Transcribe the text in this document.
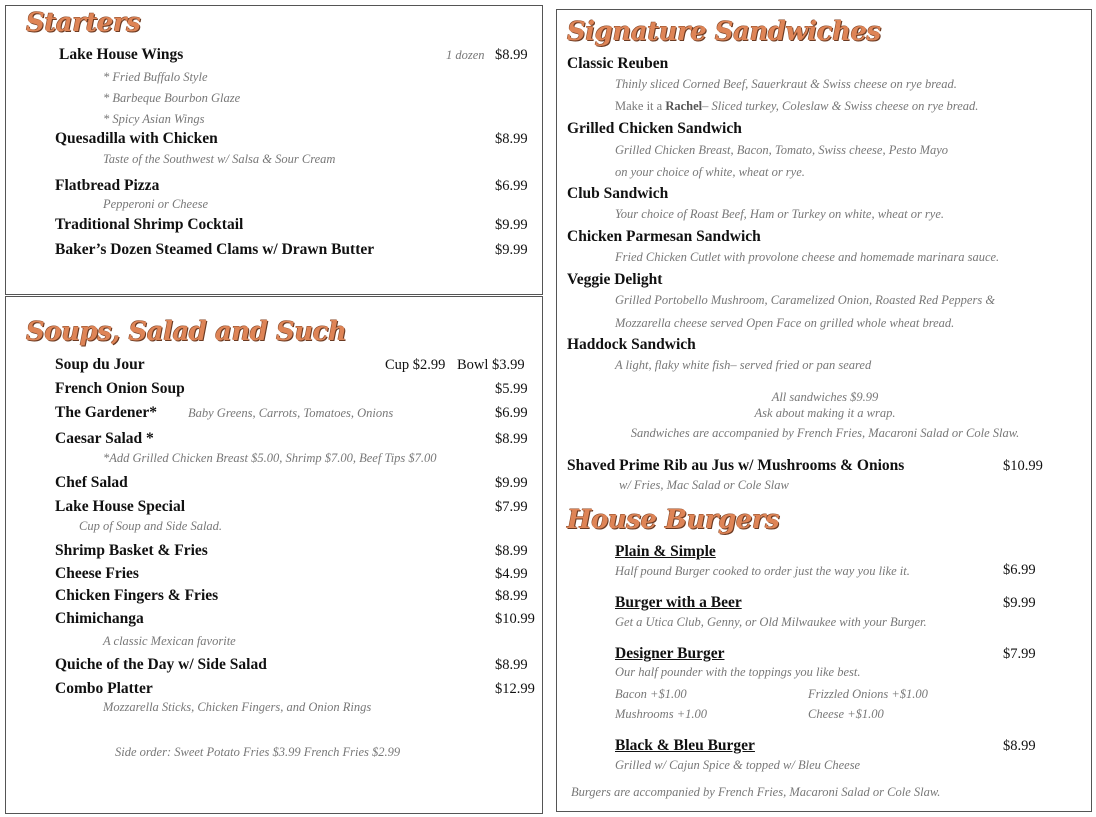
Starters
Lake House Wings	1 dozen $8.99
* Fried Buffalo Style
* Barbeque Bourbon Glaze
* Spicy Asian Wings
Quesadilla with Chicken	$8.99
Taste of the Southwest w/ Salsa & Sour Cream
Flatbread Pizza	$6.99
Pepperoni or Cheese
Traditional Shrimp Cocktail	$9.99
Baker’s Dozen Steamed Clams w/ Drawn Butter	$9.99
Soups, Salad and Such
Soup du Jour	Cup $2.99 Bowl $3.99
French Onion Soup	$5.99
The Gardener* Baby Greens, Carrots, Tomatoes, Onions	$6.99
Caesar Salad *	$8.99
*Add Grilled Chicken Breast $5.00, Shrimp $7.00, Beef Tips $7.00
Chef Salad	$9.99
Lake House Special	$7.99
Cup of Soup and Side Salad.
Shrimp Basket & Fries	$8.99
Cheese Fries	$4.99
Chicken Fingers & Fries	$8.99
Chimichanga	$10.99
A classic Mexican favorite
Quiche of the Day w/ Side Salad	$8.99
Combo Platter	$12.99
Mozzarella Sticks, Chicken Fingers, and Onion Rings
Side order: Sweet Potato Fries $3.99 French Fries $2.99
Signature Sandwiches
Classic Reuben
Thinly sliced Corned Beef, Sauerkraut & Swiss cheese on rye bread.
Make it a Rachel– Sliced turkey, Coleslaw & Swiss cheese on rye bread.
Grilled Chicken Sandwich
Grilled Chicken Breast, Bacon, Tomato, Swiss cheese, Pesto Mayo
on your choice of white, wheat or rye.
Club Sandwich
Your choice of Roast Beef, Ham or Turkey on white, wheat or rye.
Chicken Parmesan Sandwich
Fried Chicken Cutlet with provolone cheese and homemade marinara sauce.
Veggie Delight
Grilled Portobello Mushroom, Caramelized Onion, Roasted Red Peppers &
Mozzarella cheese served Open Face on grilled whole wheat bread.
Haddock Sandwich
A light, flaky white fish– served fried or pan seared
All sandwiches $9.99
Ask about making it a wrap.
Sandwiches are accompanied by French Fries, Macaroni Salad or Cole Slaw.
Shaved Prime Rib au Jus w/ Mushrooms & Onions	$10.99
w/ Fries, Mac Salad or Cole Slaw
House Burgers
Plain & Simple
Half pound Burger cooked to order just the way you like it.	$6.99
Burger with a Beer	$9.99
Get a Utica Club, Genny, or Old Milwaukee with your Burger.
Designer Burger	$7.99
Our half pounder with the toppings you like best.
Bacon +$1.00	Frizzled Onions +$1.00
Mushrooms +1.00	Cheese +$1.00
Black & Bleu Burger	$8.99
Grilled w/ Cajun Spice & topped w/ Bleu Cheese
Burgers are accompanied by French Fries, Macaroni Salad or Cole Slaw.
